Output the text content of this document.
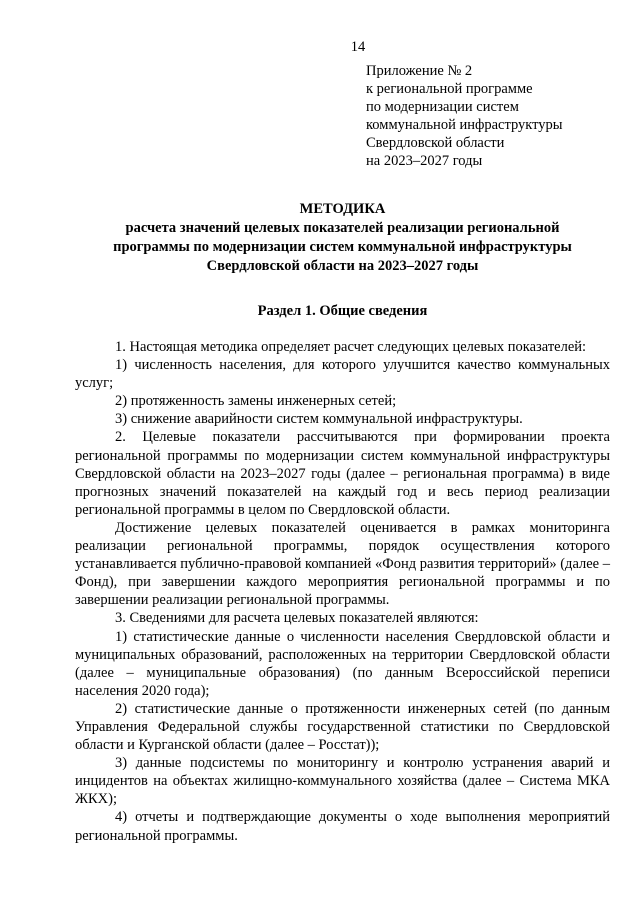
14
Приложение № 2
к региональной программе
по модернизации систем
коммунальной инфраструктуры
Свердловской области
на 2023–2027 годы
МЕТОДИКА
расчета значений целевых показателей реализации региональной
программы по модернизации систем коммунальной инфраструктуры
Свердловской области на 2023–2027 годы
Раздел 1. Общие сведения

1. Настоящая методика определяет расчет следующих целевых показателей:

1) численность населения, для которого улучшится качество коммунальных услуг;

2) протяженность замены инженерных сетей;

3) снижение аварийности систем коммунальной инфраструктуры.

2. Целевые показатели рассчитываются при формировании проекта региональной программы по модернизации систем коммунальной инфраструктуры Свердловской области на 2023–2027 годы (далее – региональная программа) в виде прогнозных значений показателей на каждый год и весь период реализации региональной программы в целом по Свердловской области.

Достижение целевых показателей оценивается в рамках мониторинга реализации региональной программы, порядок осуществления которого устанавливается публично-правовой компанией «Фонд развития территорий» (далее – Фонд), при завершении каждого мероприятия региональной программы и по завершении реализации региональной программы.

3. Сведениями для расчета целевых показателей являются:

1) статистические данные о численности населения Свердловской области и муниципальных образований, расположенных на территории Свердловской области (далее – муниципальные образования) (по данным Всероссийской переписи населения 2020 года);

2) статистические данные о протяженности инженерных сетей (по данным Управления Федеральной службы государственной статистики по Свердловской области и Курганской области (далее – Росстат));

3) данные подсистемы по мониторингу и контролю устранения аварий и инцидентов на объектах жилищно-коммунального хозяйства (далее – Система МКА ЖКХ);

4) отчеты и подтверждающие документы о ходе выполнения мероприятий региональной программы.
